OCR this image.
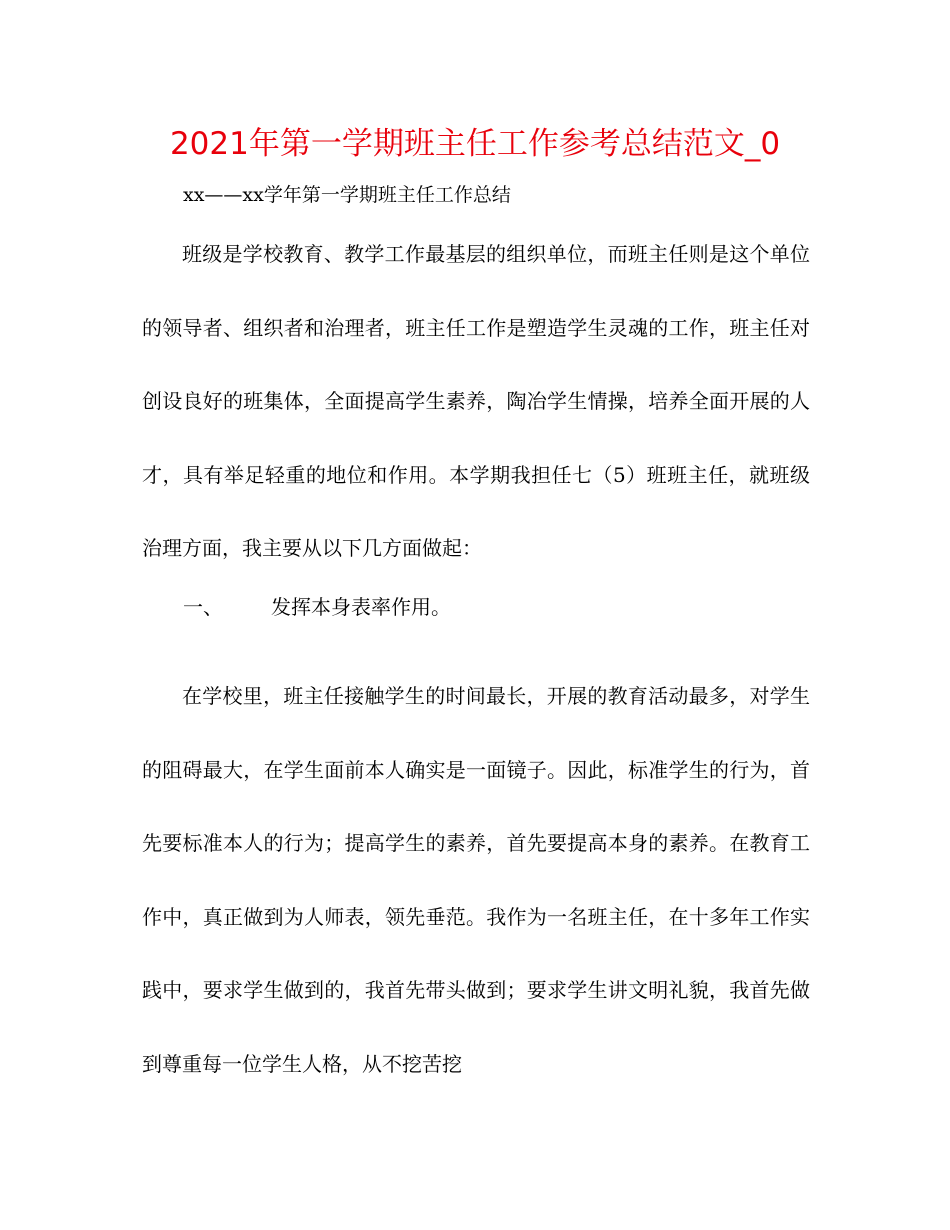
2021年第一学期班主任工作参考总结范文_0

xx——xx学年第一学期班主任工作总结

班级是学校教育、教学工作最基层的组织单位，而班主任则是这个单位的领导者、组织者和治理者，班主任工作是塑造学生灵魂的工作，班主任对创设良好的班集体，全面提高学生素养，陶冶学生情操，培养全面开展的人才，具有举足轻重的地位和作用。本学期我担任七（5）班班主任，就班级治理方面，我主要从以下几方面做起：

一、 发挥本身表率作用。

在学校里，班主任接触学生的时间最长，开展的教育活动最多，对学生的阻碍最大，在学生面前本人确实是一面镜子。因此，标准学生的行为，首先要标准本人的行为；提高学生的素养，首先要提高本身的素养。在教育工作中，真正做到为人师表，领先垂范。我作为一名班主任，在十多年工作实践中，要求学生做到的，我首先带头做到；要求学生讲文明礼貌，我首先做到尊重每一位学生人格，从不挖苦挖
